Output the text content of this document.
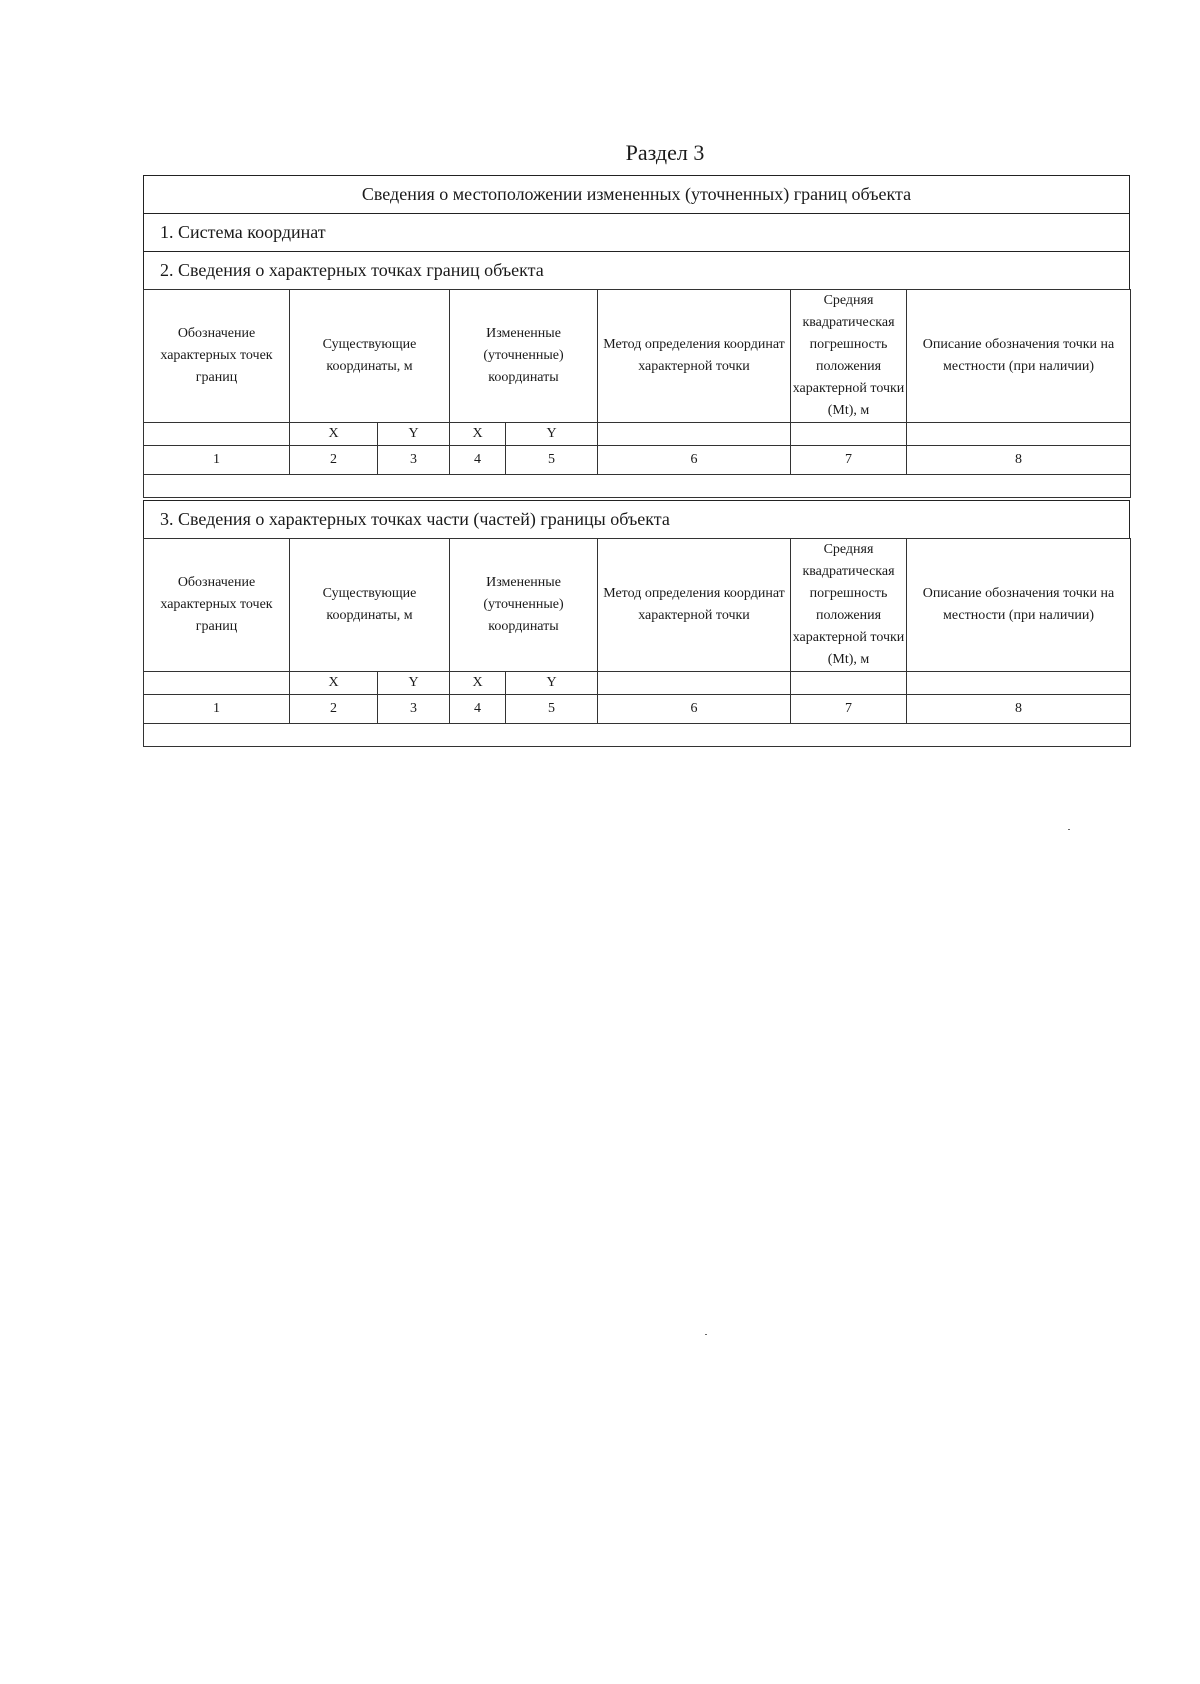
Раздел 3
Сведения о местоположении измененных (уточненных) границ объекта
1. Система координат
2. Сведения о характерных точках границ объекта
Обозначение характерных точек границ	Существующие координаты, м		Измененные (уточненные) координаты		Метод определения координат характерной точки	Средняя квадратическая погрешность положения характерной точки (Mt), м	Описание обозначения точки на местности (при наличии)
	X	Y	X	Y			
1	2	3	4	5	6	7	8

3. Сведения о характерных точках части (частей) границы объекта
Обозначение характерных точек границ	Существующие координаты, м		Измененные (уточненные) координаты		Метод определения координат характерной точки	Средняя квадратическая погрешность положения характерной точки (Mt), м	Описание обозначения точки на местности (при наличии)
	X	Y	X	Y			
1	2	3	4	5	6	7	8
